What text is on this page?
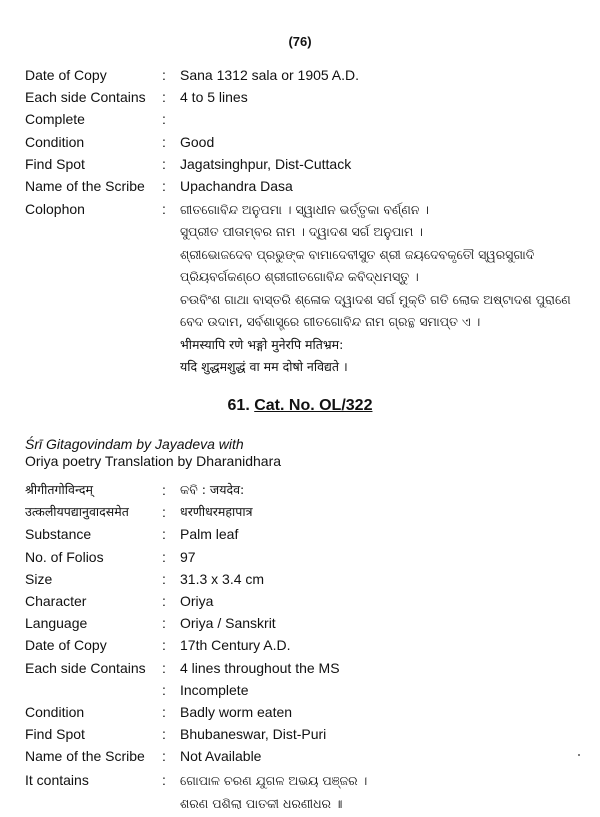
(76)
Date of Copy	:	Sana 1312 sala or 1905 A.D.
Each side Contains	:	4 to 5 lines
Complete	:
Condition	:	Good
Find Spot	:	Jagatsinghpur, Dist-Cuttack
Name of the Scribe	:	Upachandra Dasa
Colophon	:	ଗୀତଗୋବିନ୍ଦ ଅନୁପମା । ସ୍ୱାଧୀନ ଭର୍ତ୍ତୃକା ବର୍ଣ୍ଣନ ।
ସୁପ୍ରୀତ ପୀତାମ୍ବର ନାମ । ଦ୍ୱାଦଶ ସର୍ଗ ଅନୁପାମ ।
ଶ୍ରୀଭୋଜଦେବ ପ୍ରଭୁଙ୍କ ବାମାଦେବୀସୁତ ଶ୍ରୀ ଜୟଦେବକୃତୌ ସ୍ୱରସୁଗାଦି
ପ୍ରିୟବର୍ଗକଣ୍ଠେ ଶ୍ରୀଗୀତଗୋବିନ୍ଦ କବିଦ୍ଧମସ୍ତୁ ।
ଚଉବିଂଶ ଗାଥା ବାସ୍ତରି ଶ୍ଳୋକ ଦ୍ୱାଦଶ ସର୍ଗ ମୁକ୍ତି ଗତି ଲୋକ ଅଷ୍ଟାଦଶ ପୁରାଣେ
ବେଦ ଉଦାମ, ସର୍ବଶାସ୍ତ୍ରେ ଗୀତଗୋବିନ୍ଦ ନାମ ଗ୍ରନ୍ଥ ସମାପ୍ତ ଏ ।
भीमस्यापि रणे भङ्गो मुनेरपि मतिभ्रम:
यदि शुद्धमशुद्धं वा मम दोषो नविद्यते ।
61. Cat. No. OL/322
Śrī Gitagovindam by Jayadeva with
Oriya poetry Translation by Dharanidhara
श्रीगीतगोविन्दम्	:	କବି : जयदेव:
उत्कलीयपद्यानुवादसमेत	:	धरणीधरमहापात्र
Substance	:	Palm leaf
No. of Folios	:	97
Size	:	31.3 x 3.4 cm
Character	:	Oriya
Language	:	Oriya / Sanskrit
Date of Copy	:	17th Century A.D.
Each side Contains	:	4 lines throughout the MS
:	Incomplete
Condition	:	Badly worm eaten
Find Spot	:	Bhubaneswar, Dist-Puri
Name of the Scribe	:	Not Available
It contains	:	ଗୋପାଳ ଚରଣ ଯୁଗଳ ଅଭୟ ପଞ୍ଜର ।
ଶରଣ ପଶିଲା ପାତକୀ ଧରଣୀଧର ॥
